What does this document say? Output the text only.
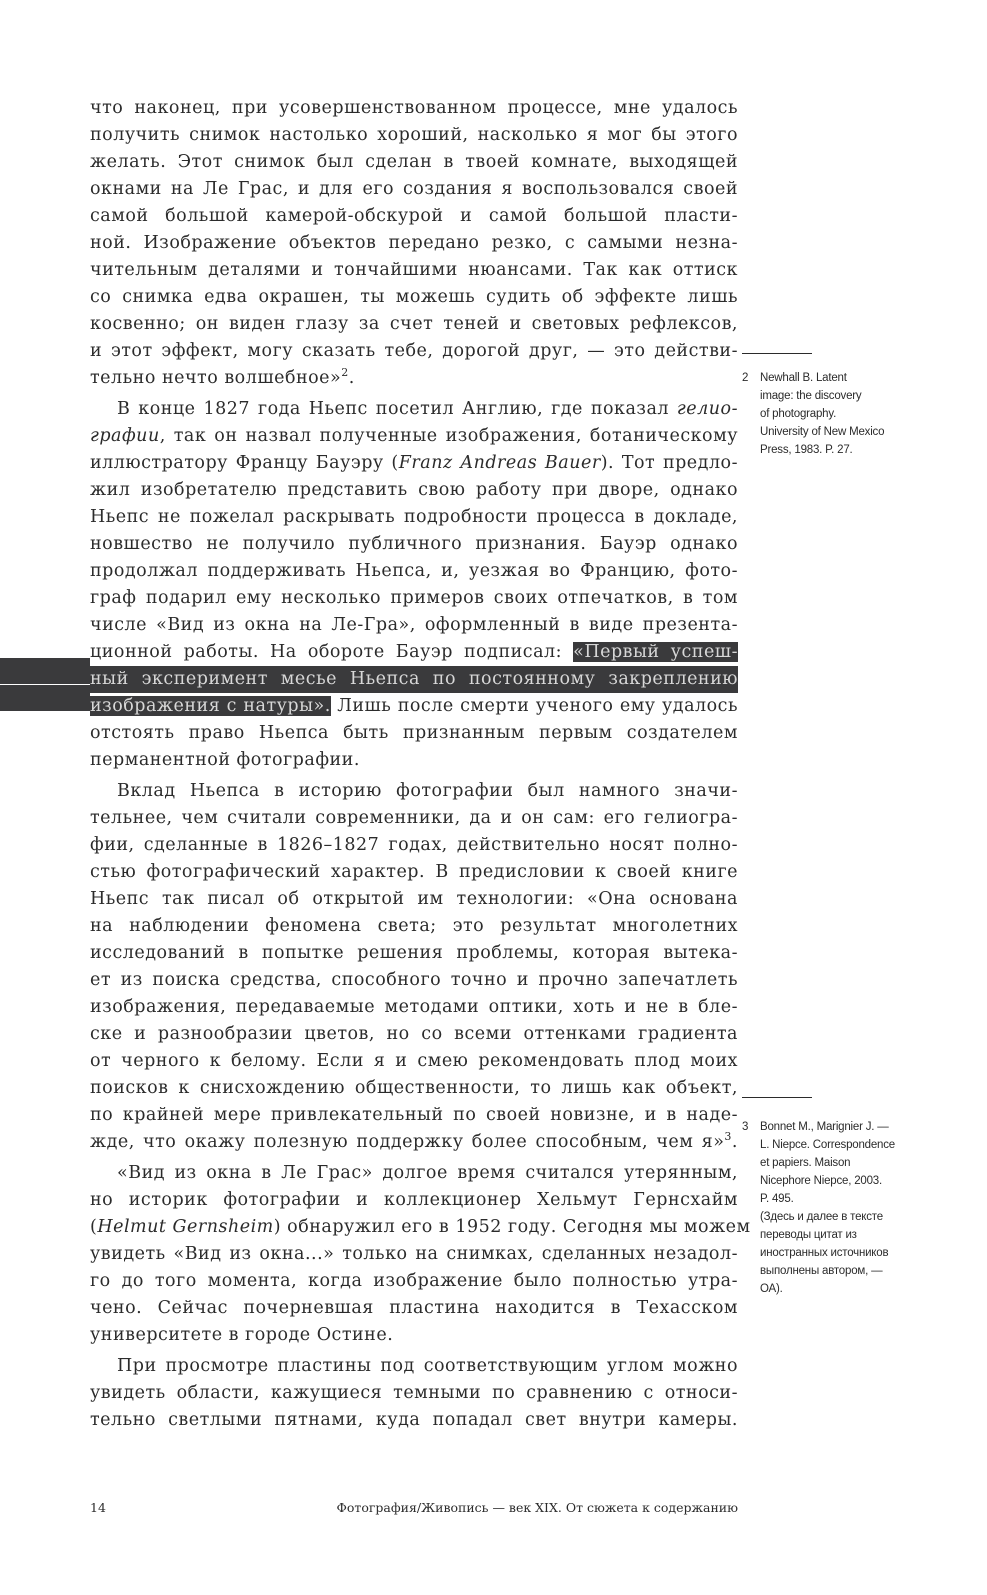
что наконец, при усовершенствованном процессе, мне удалось
получить снимок настолько хороший, насколько я мог бы этого
желать. Этот снимок был сделан в твоей комнате, выходящей
окнами на Ле Грас, и для его создания я воспользовался своей
самой большой камерой-обскурой и самой большой пласти-
ной. Изображение объектов передано резко, с самыми незна-
чительным деталями и тончайшими нюансами. Так как оттиск
со снимка едва окрашен, ты можешь судить об эффекте лишь
косвенно; он виден глазу за счет теней и световых рефлексов,
и этот эффект, могу сказать тебе, дорогой друг, — это действи-
тельно нечто волшебное»$^2$.

В конце 1827 года Ньепс посетил Англию, где показал гелио-
графии, так он назвал полученные изображения, ботаническому
иллюстратору Францу Бауэру (Franz Andreas Bauer). Тот предло-
жил изобретателю представить свою работу при дворе, однако
Ньепс не пожелал раскрывать подробности процесса в докладе,
новшество не получило публичного признания. Бауэр однако
продолжал поддерживать Ньепса, и, уезжая во Францию, фото-
граф подарил ему несколько примеров своих отпечатков, в том
числе «Вид из окна на Ле-Гра», оформленный в виде презента-
ционной работы. На обороте Бауэр подписал: «Первый успеш-
ный эксперимент месье Ньепса по постоянному закреплению
изображения с натуры». Лишь после смерти ученого ему удалось
отстоять право Ньепса быть признанным первым создателем
перманентной фотографии.

Вклад Ньепса в историю фотографии был намного значи-
тельнее, чем считали современники, да и он сам: его гелиогра-
фии, сделанные в 1826–1827 годах, действительно носят полно-
стью фотографический характер. В предисловии к своей книге
Ньепс так писал об открытой им технологии: «Она основана
на наблюдении феномена света; это результат многолетних
исследований в попытке решения проблемы, которая вытека-
ет из поиска средства, способного точно и прочно запечатлеть
изображения, передаваемые методами оптики, хоть и не в бле-
ске и разнообразии цветов, но со всеми оттенками градиента
от черного к белому. Если я и смею рекомендовать плод моих
поисков к снисхождению общественности, то лишь как объект,
по крайней мере привлекательный по своей новизне, и в наде-
жде, что окажу полезную поддержку более способным, чем я»$^3$.

«Вид из окна в Ле Грас» долгое время считался утерянным,
но историк фотографии и коллекционер Хельмут Гернсхайм
(Helmut Gernsheim) обнаружил его в 1952 году. Сегодня мы можем
увидеть «Вид из окна...» только на снимках, сделанных незадол-
го до того момента, когда изображение было полностью утра-
чено. Сейчас почерневшая пластина находится в Техасском
университете в городе Остине.

При просмотре пластины под соответствующим углом можно
увидеть области, кажущиеся темными по сравнению с относи-
тельно светлыми пятнами, куда попадал свет внутри камеры.

2 Newhall B. Latent
image: the discovery
of photography.
University of New Mexico
Press, 1983. P. 27.
3 Bonnet M., Marignier J. —
L. Niepce. Correspondence
et papiers. Maison
Nicephore Niepce, 2003.
P. 495.
(Здесь и далее в тексте
переводы цитат из
иностранных источников
выполнены автором, —
ОА).
14	Фотография/Живопись — век XIX. От сюжета к содержанию
